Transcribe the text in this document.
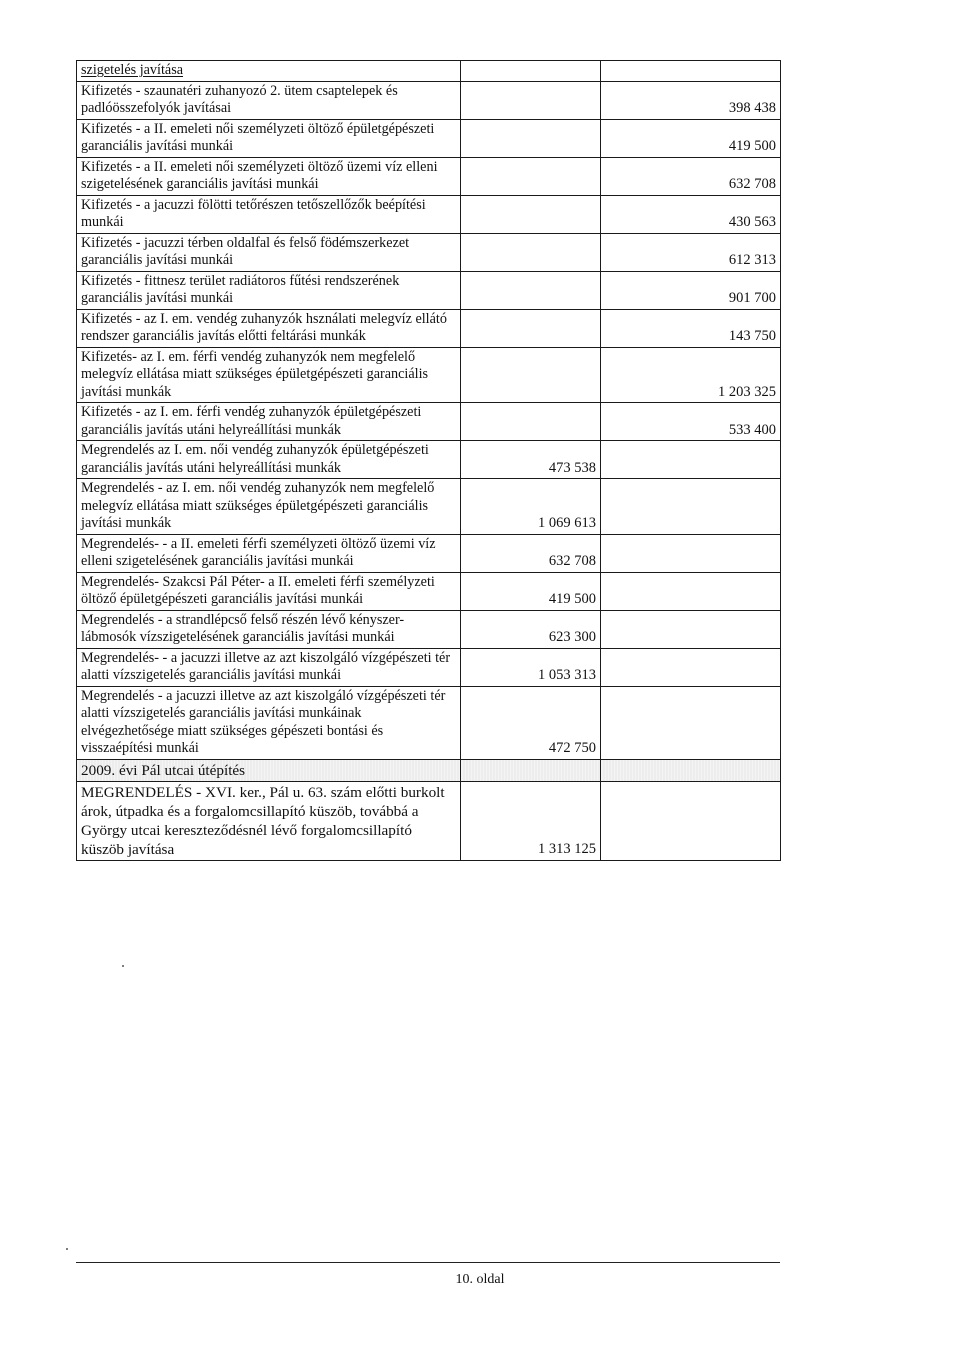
szigetelés javítása		
Kifizetés - szaunatéri zuhanyozó 2. ütem csaptelepek és padlóösszefolyók javításai		398 438
Kifizetés - a II. emeleti női személyzeti öltöző épületgépészeti garanciális javítási munkái		419 500
Kifizetés - a II. emeleti női személyzeti öltöző üzemi víz elleni szigetelésének garanciális javítási munkái		632 708
Kifizetés - a jacuzzi fölötti tetőrészen tetőszellőzők beépítési munkái		430 563
Kifizetés - jacuzzi térben oldalfal és felső födémszerkezet garanciális javítási munkái		612 313
Kifizetés - fittnesz terület radiátoros fűtési rendszerének garanciális javítási munkái		901 700
Kifizetés - az I. em. vendég zuhanyzók hsználati melegvíz ellátó rendszer garanciális javítás előtti feltárási munkák		143 750
Kifizetés- az I. em. férfi vendég zuhanyzók nem megfelelő melegvíz ellátása miatt szükséges épületgépészeti garanciális javítási munkák		1 203 325
Kifizetés - az I. em. férfi vendég zuhanyzók épületgépészeti garanciális javítás utáni helyreállítási munkák		533 400
Megrendelés az I. em. női vendég zuhanyzók épületgépészeti garanciális javítás utáni helyreállítási munkák	473 538	
Megrendelés - az I. em. női vendég zuhanyzók nem megfelelő melegvíz ellátása miatt szükséges épületgépészeti garanciális javítási munkák	1 069 613	
Megrendelés- - a II. emeleti férfi személyzeti öltöző üzemi víz elleni szigetelésének garanciális javítási munkái	632 708	
Megrendelés- Szakcsi Pál Péter- a II. emeleti férfi személyzeti öltöző épületgépészeti garanciális javítási munkái	419 500	
Megrendelés - a strandlépcső felső részén lévő kényszer-lábmosók vízszigetelésének garanciális javítási munkái	623 300	
Megrendelés- - a jacuzzi illetve az azt kiszolgáló vízgépészeti tér alatti vízszigetelés garanciális javítási munkái	1 053 313	
Megrendelés - a jacuzzi illetve az azt kiszolgáló vízgépészeti tér alatti vízszigetelés garanciális javítási munkáinak elvégezhetősége miatt szükséges gépészeti bontási és visszaépítési munkái	472 750	
2009. évi Pál utcai útépítés		
MEGRENDELÉS - XVI. ker., Pál u. 63. szám előtti burkolt árok, útpadka és a forgalomcsillapító küszöb, továbbá a György utcai kereszteződésnél lévő forgalomcsillapító küszöb javítása	1 313 125	
10. oldal
